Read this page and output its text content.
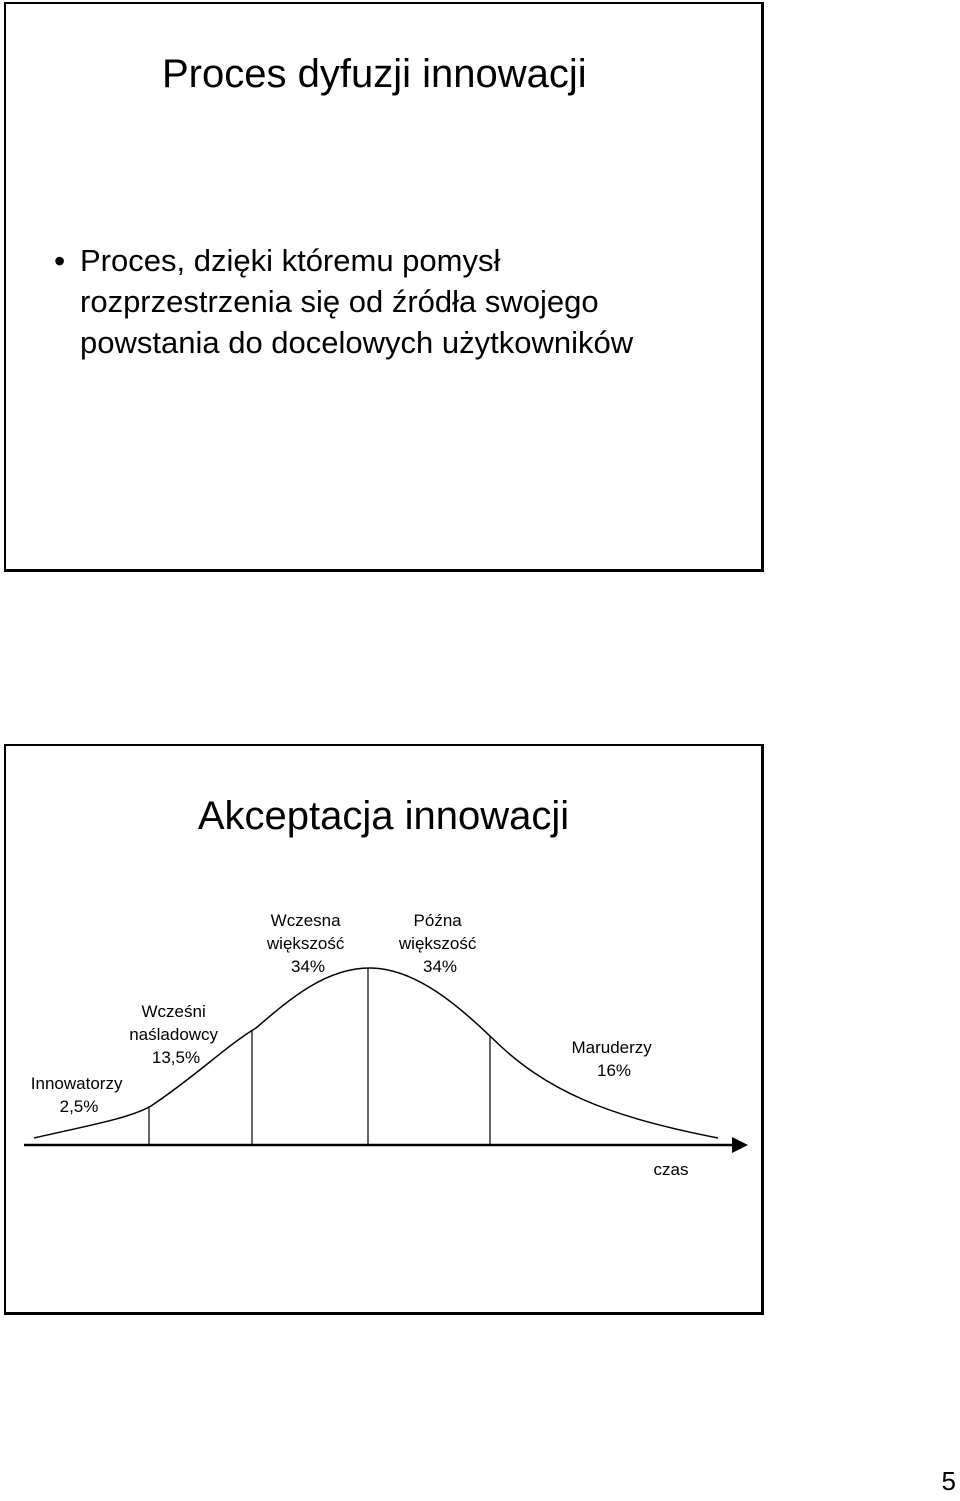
Proces dyfuzji innowacji
• Proces, dzięki któremu pomysł
rozprzestrzenia się od źródła swojego
powstania do docelowych użytkowników
Akceptacja innowacji
Innowatorzy 2,5%
Wcześni naśladowcy 13,5%
Wczesna większość 34%
Późna większość 34%
Maruderzy 16%
czas
5
